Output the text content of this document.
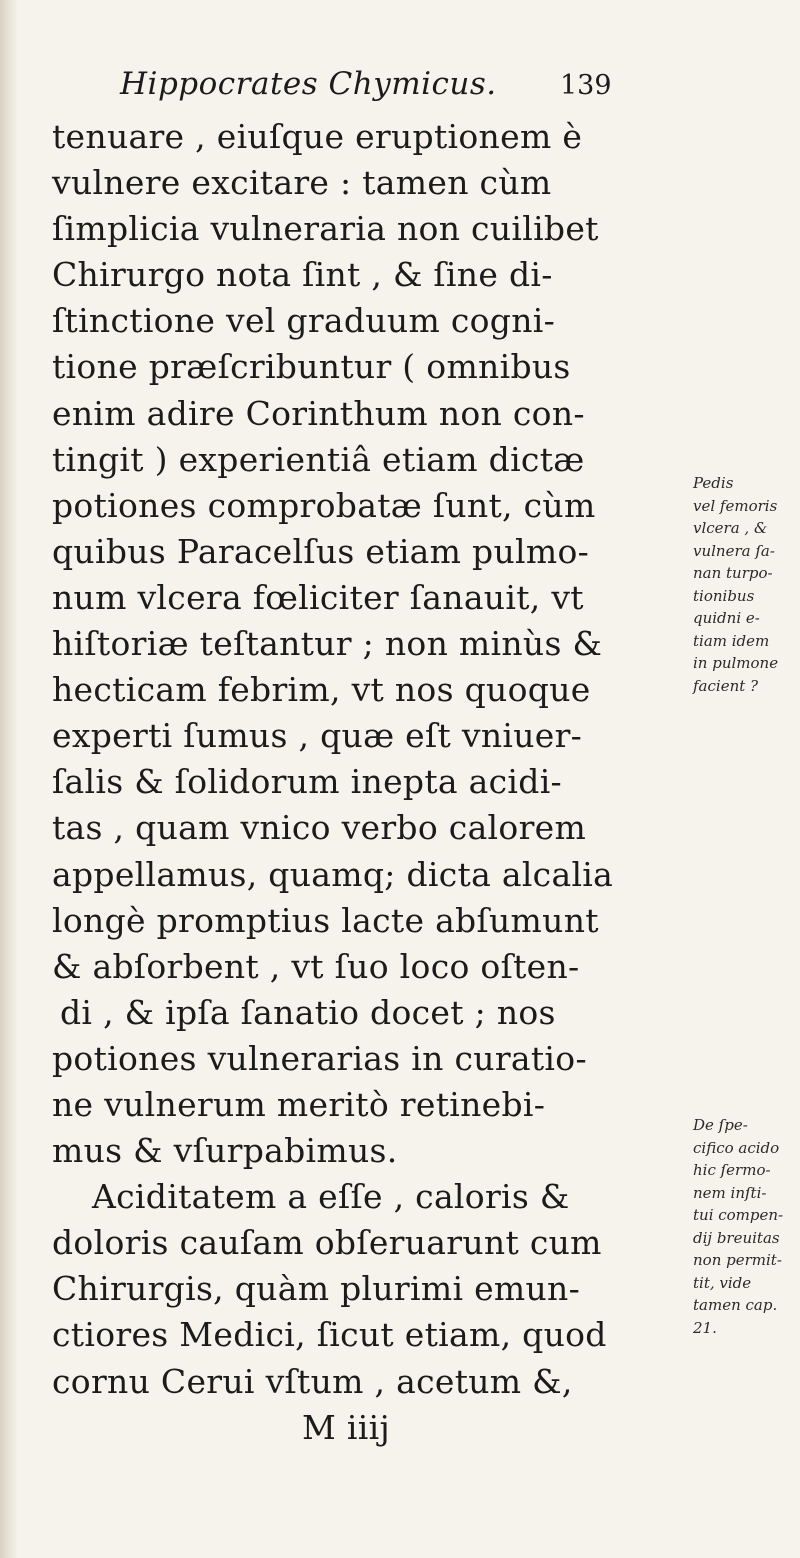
Hippocrates Chymicus. 139
tenuare , eiuſque eruptionem è
vulnere excitare : tamen cùm
ſimplicia vulneraria non cuilibet
Chirurgo nota ſint , & ſine di-
ſtinctione vel graduum cogni-
tione præſcribuntur ( omnibus
enim adire Corinthum non con-
tingit ) experientiâ etiam dictæ
potiones comprobatæ ſunt, cùm
quibus Paracelſus etiam pulmo-
num vlcera fœliciter ſanauit, vt
hiſtoriæ teſtantur ; non minùs &
hecticam febrim, vt nos quoque
experti ſumus , quæ eſt vniuer-
ſalis & ſolidorum inepta acidi-
tas , quam vnico verbo calorem
appellamus, quamq; dicta alcalia
longè promptius lacte abſumunt
& abſorbent , vt ſuo loco oſten-
di , & ipſa ſanatio docet ; nos
potiones vulnerarias in curatio-
ne vulnerum meritò retinebi-
mus & vſurpabimus.
Aciditatem a eſſe , caloris &
doloris cauſam obſeruarunt cum
Chirurgis, quàm plurimi emun-
ctiores Medici, ſicut etiam, quod
cornu Cerui vſtum , acetum &,
M iiij
Pedis
vel femoris
vlcera , &
vulnera ſa-
nan turpo-
tionibus
quidni e-
tiam idem
in pulmone
facient ?
De ſpe-
cifico acido
hic ſermo-
nem inſti-
tui compen-
dij breuitas
non permit-
tit, vide
tamen cap.
21.
